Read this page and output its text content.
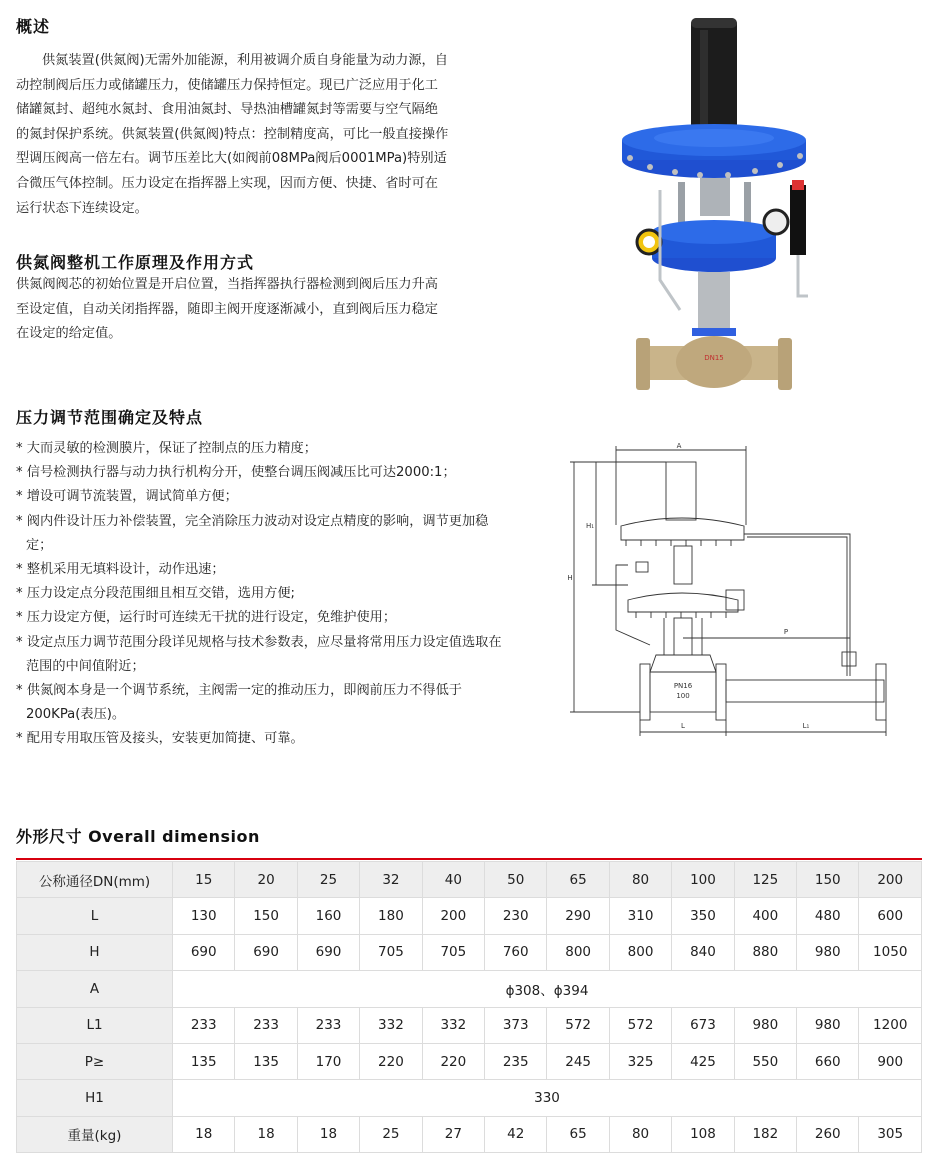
概述
供氮装置(供氮阀)无需外加能源，利用被调介质自身能量为动力源，自
动控制阀后压力或储罐压力，使储罐压力保持恒定。现已广泛应用于化工
储罐氮封、超纯水氮封、食用油氮封、导热油槽罐氮封等需要与空气隔绝
的氮封保护系统。供氮装置(供氮阀)特点：控制精度高，可比一般直接操作
型调压阀高一倍左右。调节压差比大(如阀前08MPa阀后0001MPa)特别适
合微压气体控制。压力设定在指挥器上实现，因而方便、快捷、省时可在
运行状态下连续设定。
供氮阀整机工作原理及作用方式
供氮阀阀芯的初始位置是开启位置，当指挥器执行器检测到阀后压力升高
至设定值，自动关闭指挥器，随即主阀开度逐渐减小，直到阀后压力稳定
在设定的给定值。
压力调节范围确定及特点
* 大而灵敏的检测膜片，保证了控制点的压力精度；
* 信号检测执行器与动力执行机构分开，使整台调压阀减压比可达2000:1；
* 增设可调节流装置，调试简单方便；
* 阀内件设计压力补偿装置，完全消除压力波动对设定点精度的影响，调节更加稳定；
* 整机采用无填料设计，动作迅速；
* 压力设定点分段范围细且相互交错，选用方便;
* 压力设定方便，运行时可连续无干扰的进行设定，免维护使用；
* 设定点压力调节范围分段详见规格与技术参数表，应尽量将常用压力设定值选取在范围的中间值附近；
* 供氮阀本身是一个调节系统，主阀需一定的推动压力，即阀前压力不得低于200KPa(表压)。
* 配用专用取压管及接头，安装更加简捷、可靠。
DN15
A
H₁
H
P
L	L₁
PN16
100
外形尺寸 Overall dimension
公称通径DN(mm)	15	20	25	32	40	50	65	80	100	125	150	200
L	130	150	160	180	200	230	290	310	350	400	480	600
H	690	690	690	705	705	760	800	800	840	880	980	1050
A	ϕ308、ϕ394											
L1	233	233	233	332	332	373	572	572	673	980	980	1200
P≥	135	135	170	220	220	235	245	325	425	550	660	900
H1	330											
重量(kg)	18	18	18	25	27	42	65	80	108	182	260	305
